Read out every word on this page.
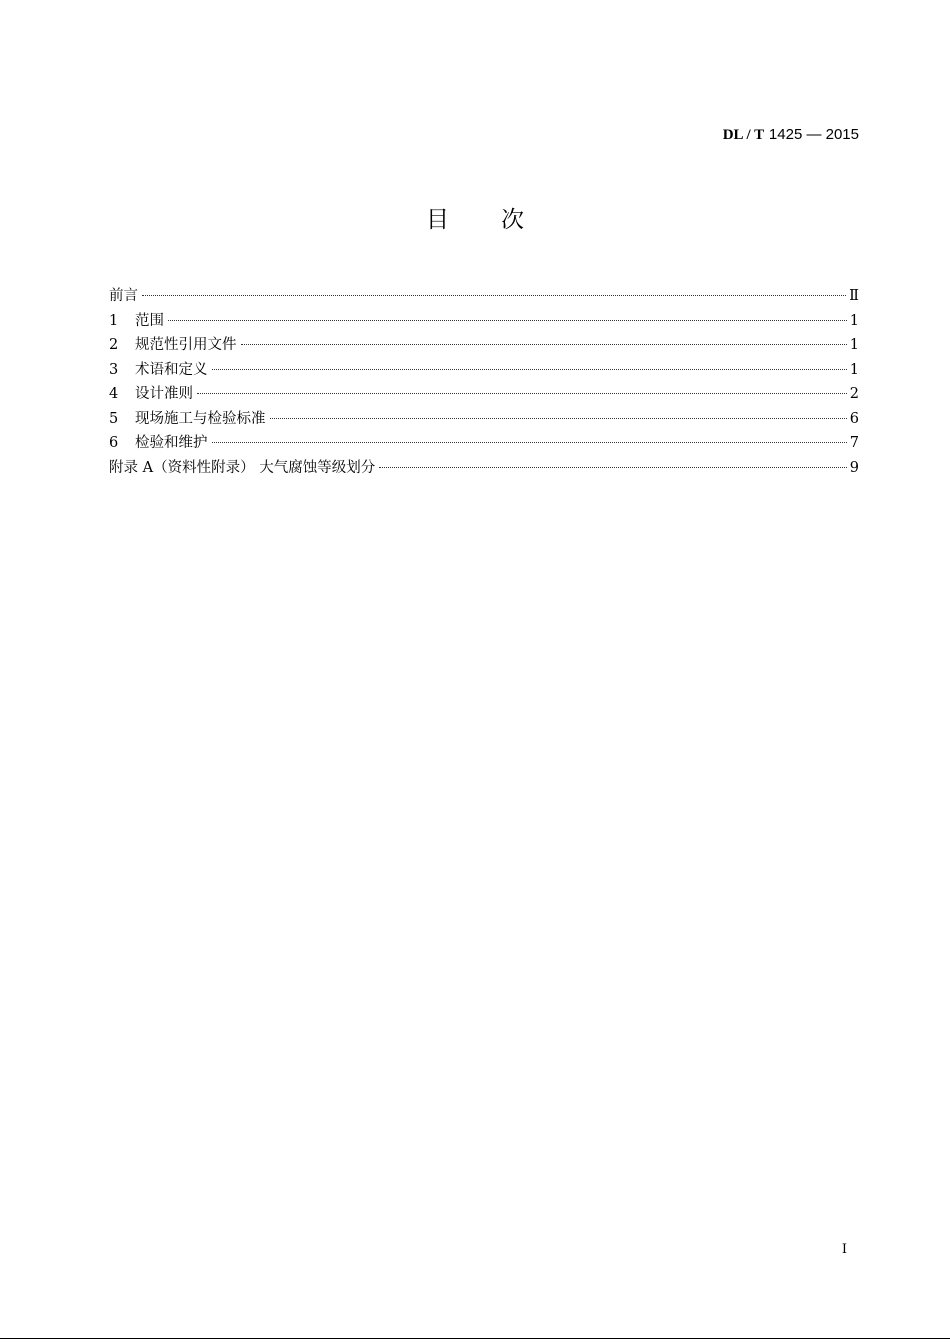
DL / T 1425 — 2015
目次
前言	Ⅱ
1	范围	1
2	规范性引用文件	1
3	术语和定义	1
4	设计准则	2
5	现场施工与检验标准	6
6	检验和维护	7
附录 A（资料性附录） 大气腐蚀等级划分	9
I
